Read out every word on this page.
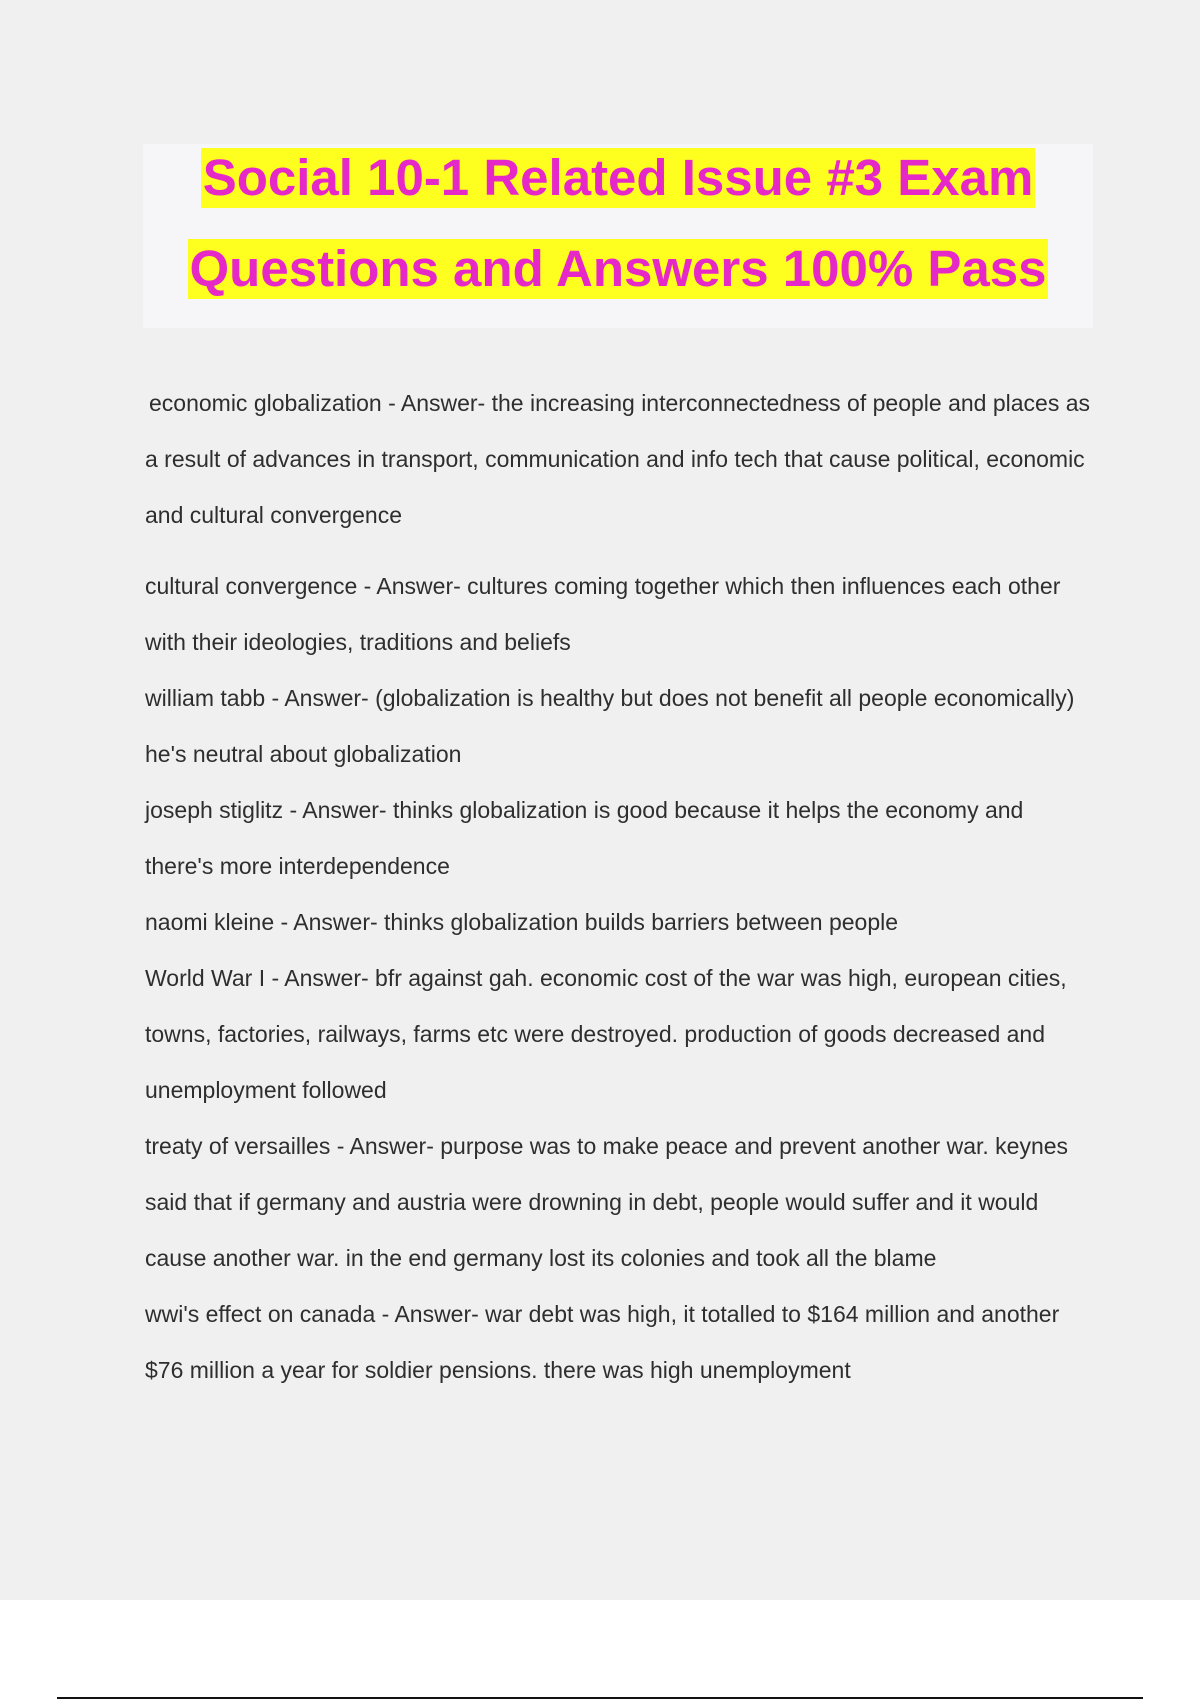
Social 10-1 Related Issue #3 Exam
Questions and Answers 100% Pass

economic globalization - Answer- the increasing interconnectedness of people and places as a result of advances in transport, communication and info tech that cause political, economic and cultural convergence

cultural convergence - Answer- cultures coming together which then influences each other with their ideologies, traditions and beliefs

william tabb - Answer- (globalization is healthy but does not benefit all people economically) he's neutral about globalization

joseph stiglitz - Answer- thinks globalization is good because it helps the economy and there's more interdependence

naomi kleine - Answer- thinks globalization builds barriers between people

World War I - Answer- bfr against gah. economic cost of the war was high, european cities, towns, factories, railways, farms etc were destroyed. production of goods decreased and unemployment followed

treaty of versailles - Answer- purpose was to make peace and prevent another war. keynes said that if germany and austria were drowning in debt, people would suffer and it would cause another war. in the end germany lost its colonies and took all the blame

wwi's effect on canada - Answer- war debt was high, it totalled to $164 million and another $76 million a year for soldier pensions. there was high unemployment
